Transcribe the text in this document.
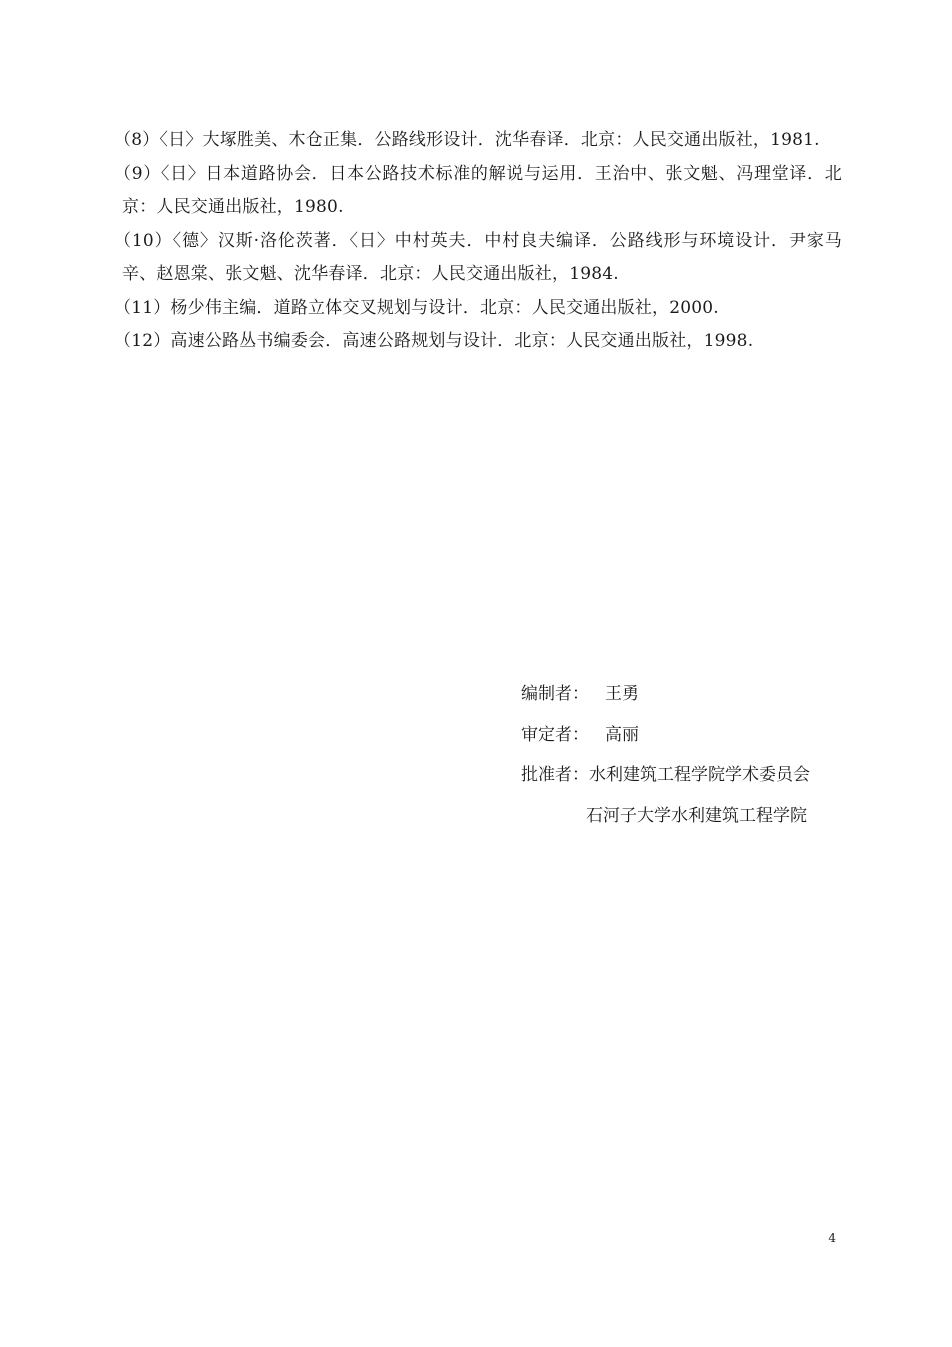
（8）〈日〉大塚胜美、木仓正集．公路线形设计．沈华春译．北京：人民交通出版社，1981.

（9）〈日〉日本道路协会．日本公路技术标准的解说与运用．王治中、张文魁、冯理堂译．北京：人民交通出版社，1980.

（10）〈德〉汉斯·洛伦茨著．〈日〉中村英夫．中村良夫编译．公路线形与环境设计．尹家马辛、赵恩棠、张文魁、沈华春译．北京：人民交通出版社，1984.

（11）杨少伟主编．道路立体交叉规划与设计．北京：人民交通出版社，2000.

（12）高速公路丛书编委会．高速公路规划与设计．北京：人民交通出版社，1998.

编制者： 王勇

审定者： 高丽

批准者：水利建筑工程学院学术委员会

石河子大学水利建筑工程学院

4
